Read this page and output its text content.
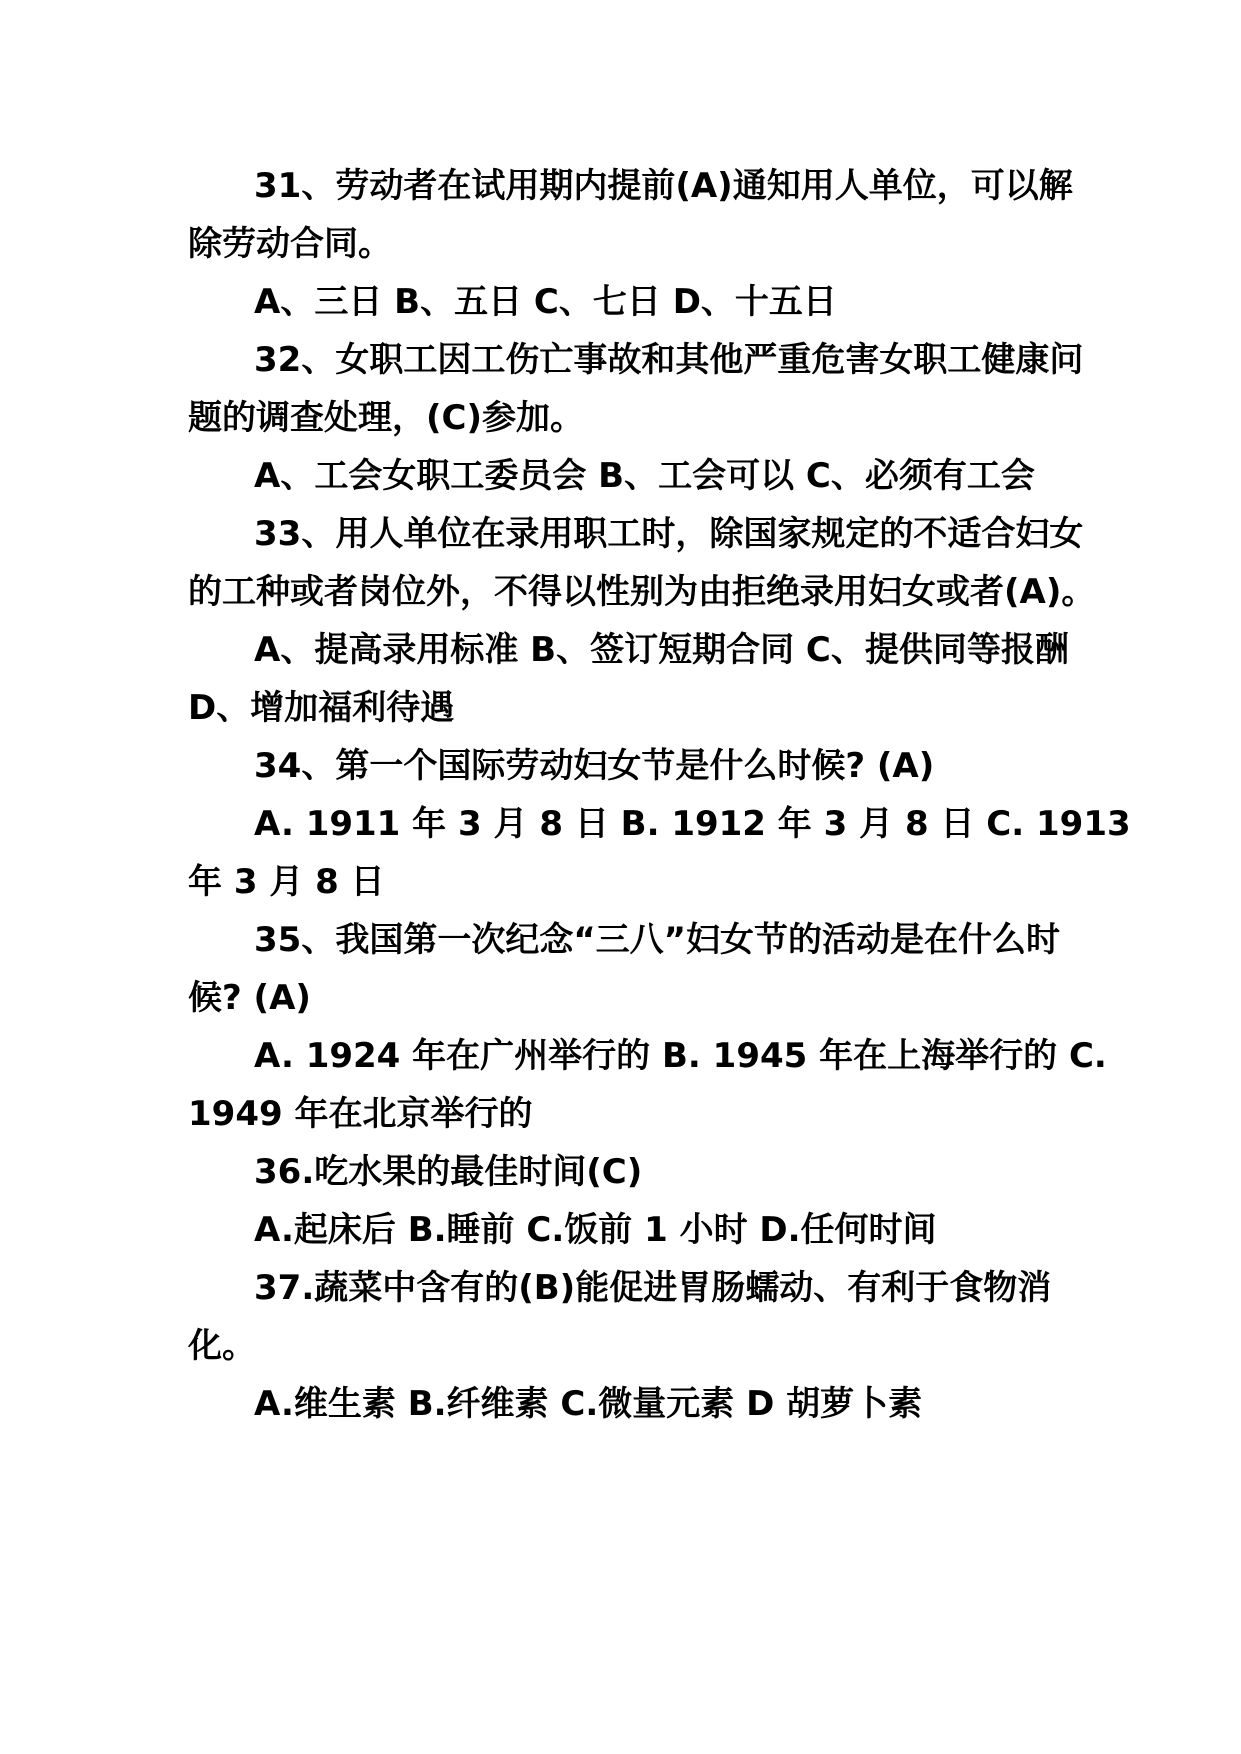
31、劳动者在试用期内提前(A)通知用人单位，可以解
除劳动合同。
A、三日 B、五日 C、七日 D、十五日
32、女职工因工伤亡事故和其他严重危害女职工健康问
题的调查处理，(C)参加。
A、工会女职工委员会 B、工会可以 C、必须有工会
33、用人单位在录用职工时，除国家规定的不适合妇女
的工种或者岗位外，不得以性别为由拒绝录用妇女或者(A)。
A、提高录用标准 B、签订短期合同 C、提供同等报酬
D、增加福利待遇
34、第一个国际劳动妇女节是什么时候? (A)
A. 1911 年 3 月 8 日 B. 1912 年 3 月 8 日 C. 1913
年 3 月 8 日
35、我国第一次纪念“三八”妇女节的活动是在什么时
候? (A)
A. 1924 年在广州举行的 B. 1945 年在上海举行的 C.
1949 年在北京举行的
36.吃水果的最佳时间(C)
A.起床后 B.睡前 C.饭前 1 小时 D.任何时间
37.蔬菜中含有的(B)能促进胃肠蠕动、有利于食物消
化。
A.维生素 B.纤维素 C.微量元素 D 胡萝卜素
